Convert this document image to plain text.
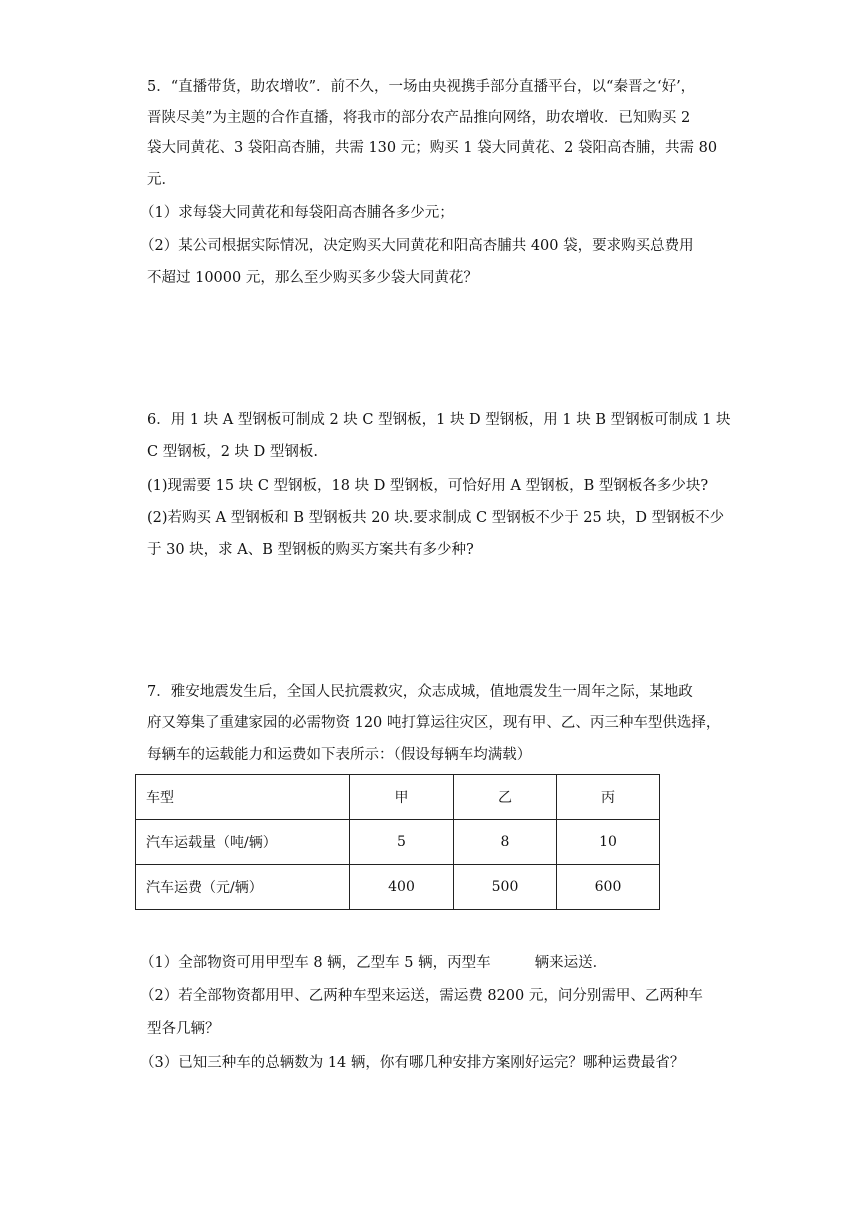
5．“直播带货，助农增收”．前不久，一场由央视携手部分直播平台，以“秦晋之‘好’，
晋陕尽美”为主题的合作直播，将我市的部分农产品推向网络，助农增收．已知购买 2
袋大同黄花、3 袋阳高杏脯，共需 130 元；购买 1 袋大同黄花、2 袋阳高杏脯，共需 80
元．
（1）求每袋大同黄花和每袋阳高杏脯各多少元；
（2）某公司根据实际情况，决定购买大同黄花和阳高杏脯共 400 袋，要求购买总费用
不超过 10000 元，那么至少购买多少袋大同黄花？
6．用 1 块 A 型钢板可制成 2 块 C 型钢板，1 块 D 型钢板，用 1 块 B 型钢板可制成 1 块
C 型钢板，2 块 D 型钢板.
(1)现需要 15 块 C 型钢板，18 块 D 型钢板，可恰好用 A 型钢板，B 型钢板各多少块?
(2)若购买 A 型钢板和 B 型钢板共 20 块.要求制成 C 型钢板不少于 25 块，D 型钢板不少
于 30 块，求 A、B 型钢板的购买方案共有多少种?
7．雅安地震发生后，全国人民抗震救灾，众志成城，值地震发生一周年之际，某地政
府又筹集了重建家园的必需物资 120 吨打算运往灾区，现有甲、乙、丙三种车型供选择，
每辆车的运载能力和运费如下表所示：（假设每辆车均满载）
车型	甲	乙	丙
汽车运载量（吨/辆）	5	8	10
汽车运费（元/辆）	400	500	600
（1）全部物资可用甲型车 8 辆，乙型车 5 辆，丙型车	辆来运送．
（2）若全部物资都用甲、乙两种车型来运送，需运费 8200 元，问分别需甲、乙两种车
型各几辆？
（3）已知三种车的总辆数为 14 辆，你有哪几种安排方案刚好运完？哪种运费最省？
